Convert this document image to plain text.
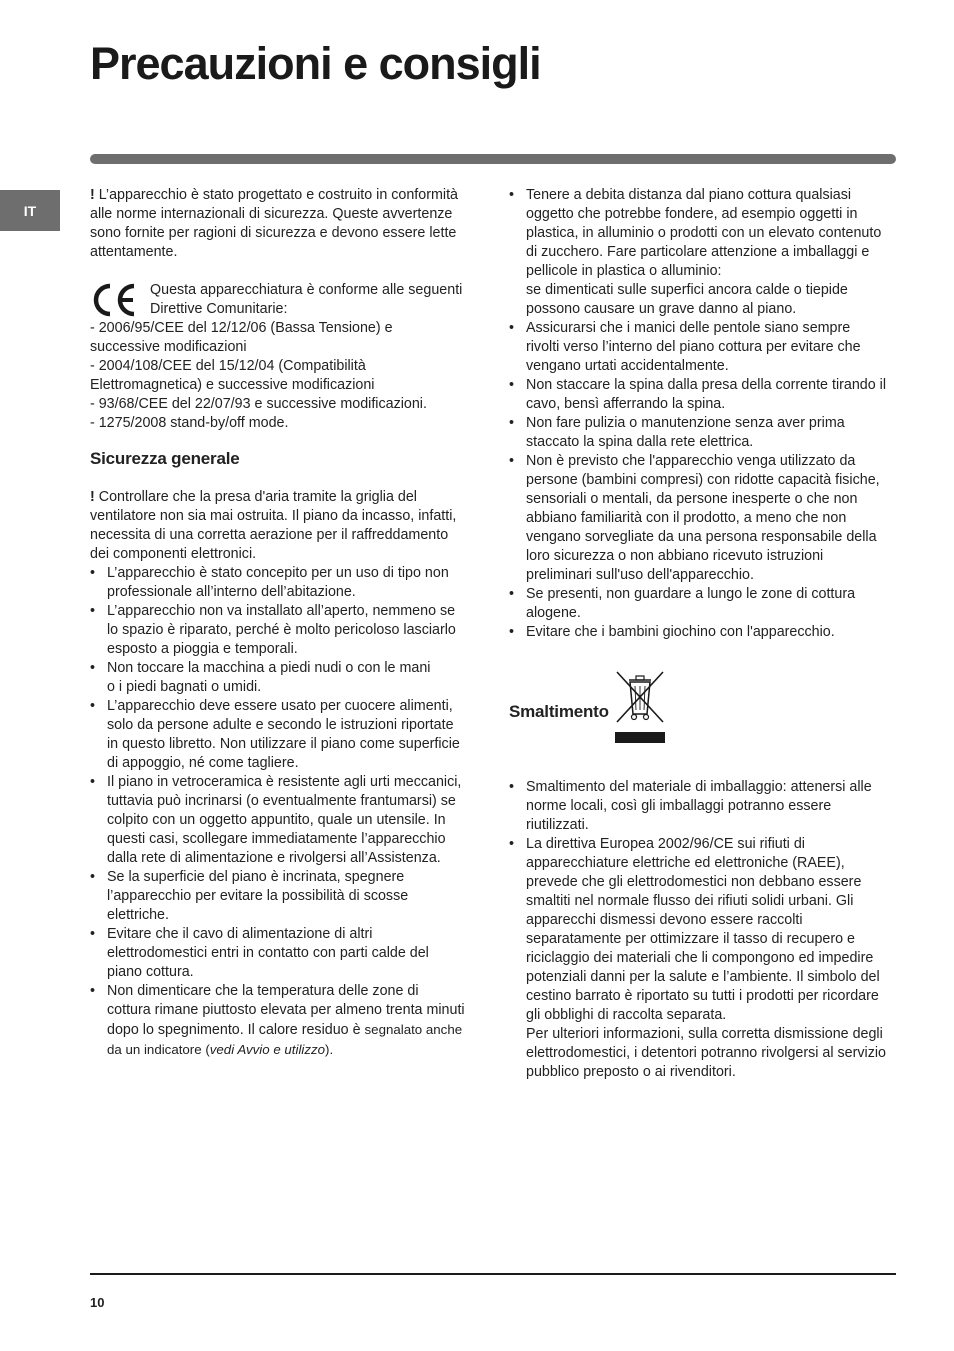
Precauzioni e consigli
IT

! L’apparecchio è stato progettato e costruito in conformità alle norme internazionali di sicurezza. Queste avvertenze sono fornite per ragioni di sicurezza e devono essere lette attentamente.

Questa apparecchiatura è conforme alle seguenti Direttive Comunitarie:

- 2006/95/CEE del 12/12/06 (Bassa Tensione) e successive modificazioni

- 2004/108/CEE del 15/12/04 (Compatibilità Elettromagnetica) e successive modificazioni

- 93/68/CEE del 22/07/93 e successive modificazioni.

- 1275/2008 stand-by/off mode.

Sicurezza generale

! Controllare che la presa d'aria tramite la griglia del ventilatore non sia mai ostruita. Il piano da incasso, infatti, necessita di una corretta aerazione per il raffreddamento dei componenti elettronici.

• L’apparecchio è stato concepito per un uso di tipo non professionale all’interno dell’abitazione.
• L’apparecchio non va installato all’aperto, nemmeno se lo spazio è riparato, perché è molto pericoloso lasciarlo esposto a pioggia e temporali.
• Non toccare la macchina a piedi nudi o con le mani
o i piedi bagnati o umidi.
• L’apparecchio deve essere usato per cuocere alimenti, solo da persone adulte e secondo le istruzioni riportate in questo libretto. Non utilizzare il piano come superficie di appoggio, né come tagliere.
• Il piano in vetroceramica è resistente agli urti meccanici, tuttavia può incrinarsi (o eventualmente frantumarsi) se colpito con un oggetto appuntito, quale un utensile. In questi casi, scollegare immediatamente l’apparecchio dalla rete di alimentazione e rivolgersi all’Assistenza.
• Se la superficie del piano è incrinata, spegnere l’apparecchio per evitare la possibilità di scosse elettriche.
• Evitare che il cavo di alimentazione di altri elettrodomestici entri in contatto con parti calde del piano cottura.
• Non dimenticare che la temperatura delle zone di cottura rimane piuttosto elevata per almeno trenta minuti dopo lo spegnimento. Il calore residuo è segnalato anche da un indicatore (vedi Avvio e utilizzo).
• Tenere a debita distanza dal piano cottura qualsiasi oggetto che potrebbe fondere, ad esempio oggetti in plastica, in alluminio o prodotti con un elevato contenuto di zucchero. Fare particolare attenzione a imballaggi e pellicole in plastica o alluminio:
se dimenticati sulle superfici ancora calde o tiepide possono causare un grave danno al piano.
• Assicurarsi che i manici delle pentole siano sempre rivolti verso l’interno del piano cottura per evitare che vengano urtati accidentalmente.
• Non staccare la spina dalla presa della corrente tirando il cavo, bensì afferrando la spina.
• Non fare pulizia o manutenzione senza aver prima staccato la spina dalla rete elettrica.
• Non è previsto che l'apparecchio venga utilizzato da persone (bambini compresi) con ridotte capacità fisiche, sensoriali o mentali, da persone inesperte o che non abbiano familiarità con il prodotto, a meno che non vengano sorvegliate da una persona responsabile della loro sicurezza o non abbiano ricevuto istruzioni preliminari sull'uso dell'apparecchio.
• Se presenti, non guardare a lungo le zone di cottura alogene.
• Evitare che i bambini giochino con l'apparecchio.
Smaltimento
• Smaltimento del materiale di imballaggio: attenersi alle norme locali, così gli imballaggi potranno essere riutilizzati.
• La direttiva Europea 2002/96/CE sui rifiuti di apparecchiature elettriche ed elettroniche (RAEE), prevede che gli elettrodomestici non debbano essere smaltiti nel normale flusso dei rifiuti solidi urbani. Gli apparecchi dismessi devono essere raccolti separatamente per ottimizzare il tasso di recupero e riciclaggio dei materiali che li compongono ed impedire potenziali danni per la salute e l’ambiente. Il simbolo del cestino barrato è riportato su tutti i prodotti per ricordare gli obblighi di raccolta separata.
Per ulteriori informazioni, sulla corretta dismissione degli elettrodomestici, i detentori potranno rivolgersi al servizio pubblico preposto o ai rivenditori.
10
